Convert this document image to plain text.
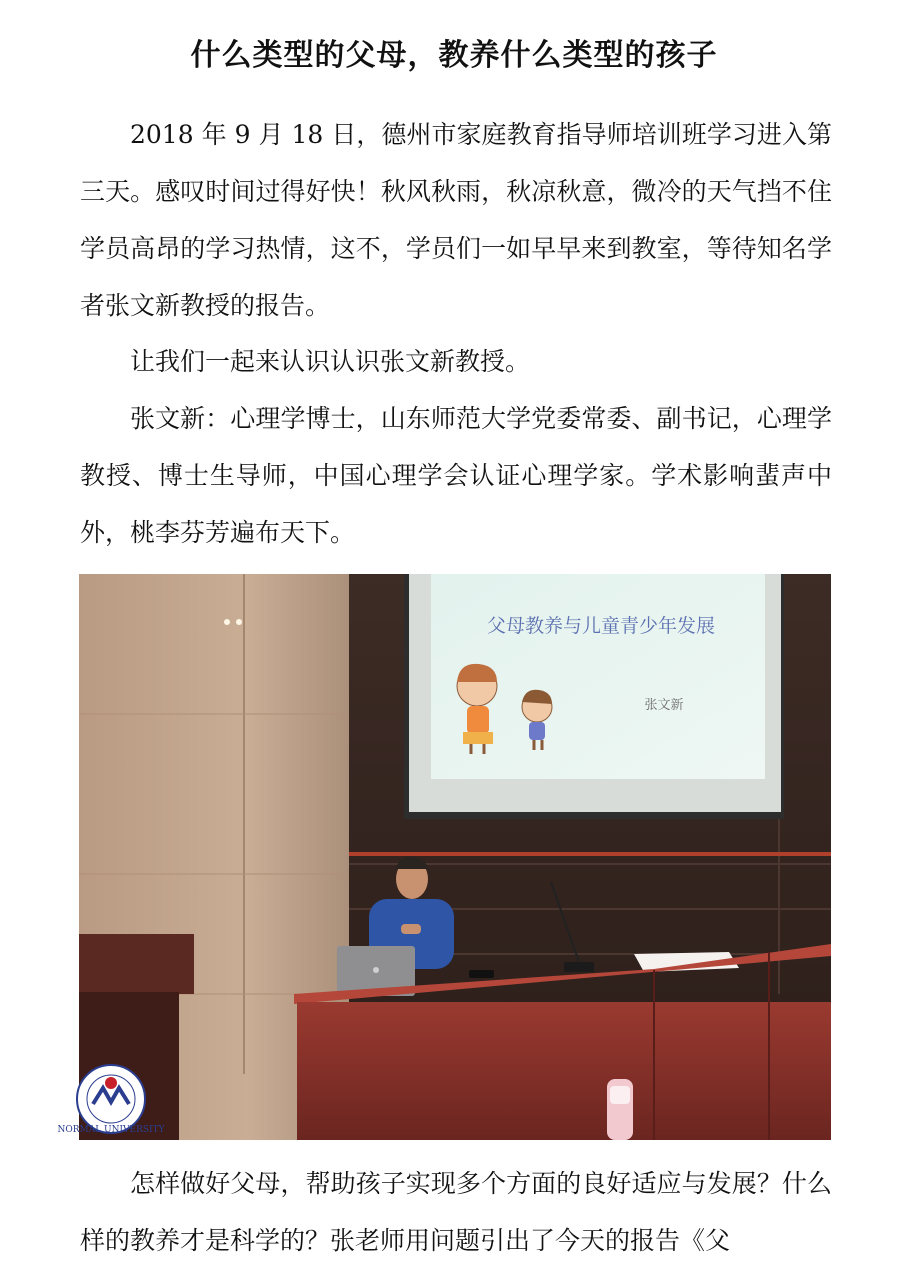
什么类型的父母，教养什么类型的孩子

2018 年 9 月 18 日，德州市家庭教育指导师培训班学习进入第三天。感叹时间过得好快！秋风秋雨，秋凉秋意，微冷的天气挡不住学员高昂的学习热情，这不，学员们一如早早来到教室，等待知名学者张文新教授的报告。

让我们一起来认识认识张文新教授。

张文新：心理学博士，山东师范大学党委常委、副书记，心理学教授、博士生导师，中国心理学会认证心理学家。学术影响蜚声中外，桃李芬芳遍布天下。

父母教养与儿童青少年发展
张文新
NORMAL UNIVERSITY

怎样做好父母，帮助孩子实现多个方面的良好适应与发展？什么样的教养才是科学的？张老师用问题引出了今天的报告《父
